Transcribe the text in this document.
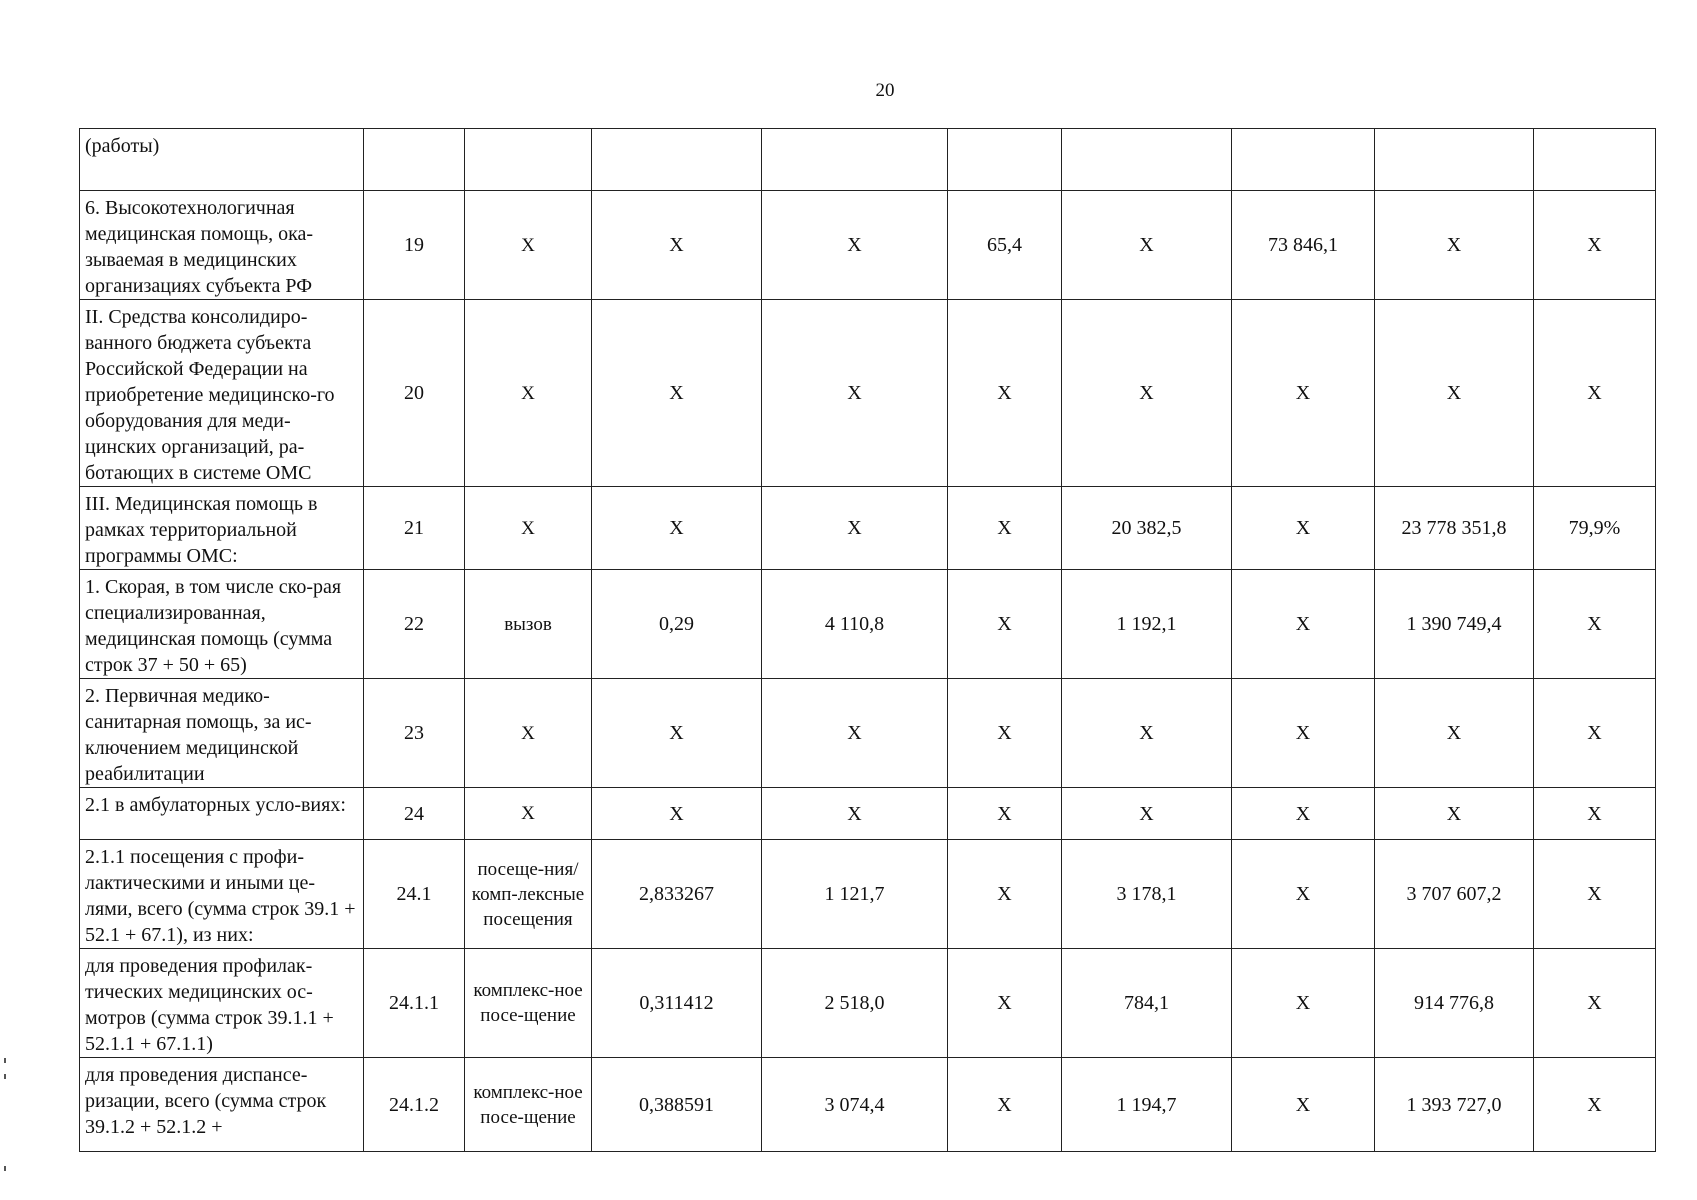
20
(работы)									
6. Высокотехнологичная медицинская помощь, ока-зываемая в медицинских организациях субъекта РФ	19	Х	Х	Х	65,4	Х	73 846,1	Х	Х
II. Средства консолидиро-ванного бюджета субъекта Российской Федерации на приобретение медицинско-го оборудования для меди-цинских организаций, ра-ботающих в системе ОМС	20	Х	Х	Х	Х	Х	Х	Х	Х
III. Медицинская помощь в рамках территориальной программы ОМС:	21	Х	Х	Х	Х	20 382,5	Х	23 778 351,8	79,9%
1. Скорая, в том числе ско-рая специализированная, медицинская помощь (сумма строк 37 + 50 + 65)	22	вызов	0,29	4 110,8	Х	1 192,1	Х	1 390 749,4	Х
2. Первичная медико-санитарная помощь, за ис-ключением медицинской реабилитации	23	Х	Х	Х	Х	Х	Х	Х	Х
2.1 в амбулаторных усло-виях:	24	Х	Х	Х	Х	Х	Х	Х	Х
2.1.1 посещения с профи-лактическими и иными це-лями, всего (сумма строк 39.1 + 52.1 + 67.1), из них:	24.1	посеще-ния/комп-лексные посещения	2,833267	1 121,7	Х	3 178,1	Х	3 707 607,2	Х
для проведения профилак-тических медицинских ос-мотров (сумма строк 39.1.1 + 52.1.1 + 67.1.1)	24.1.1	комплекс-ное посе-щение	0,311412	2 518,0	Х	784,1	Х	914 776,8	Х
для проведения диспансе-ризации, всего (сумма строк 39.1.2 + 52.1.2 +	24.1.2	комплекс-ное посе-щение	0,388591	3 074,4	Х	1 194,7	Х	1 393 727,0	Х
